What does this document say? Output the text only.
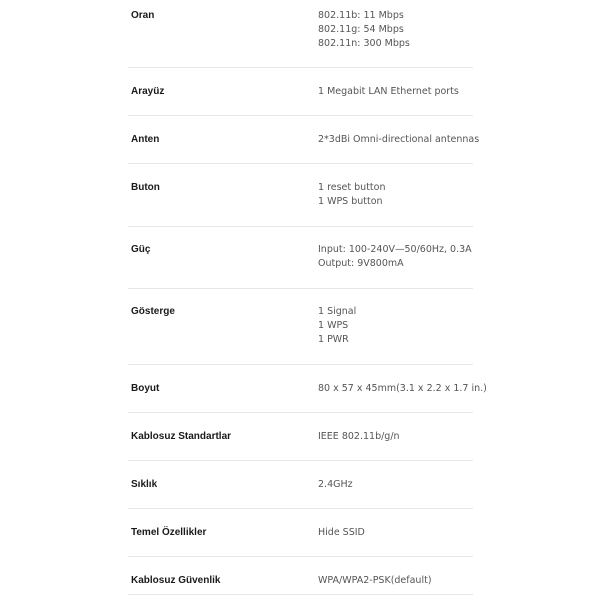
Oran	802.11b: 11 Mbps
802.11g: 54 Mbps
802.11n: 300 Mbps
Arayüz	1 Megabit LAN Ethernet ports
Anten	2*3dBi Omni-directional antennas
Buton	1 reset button
1 WPS button
Güç	Input: 100-240V—50/60Hz, 0.3A
Output: 9V800mA
Gösterge	1 Signal
1 WPS
1 PWR
Boyut	80 x 57 x 45mm(3.1 x 2.2 x 1.7 in.)
Kablosuz Standartlar	IEEE 802.11b/g/n
Sıklık	2.4GHz
Temel Özellikler	Hide SSID
Kablosuz Güvenlik	WPA/WPA2-PSK(default)
